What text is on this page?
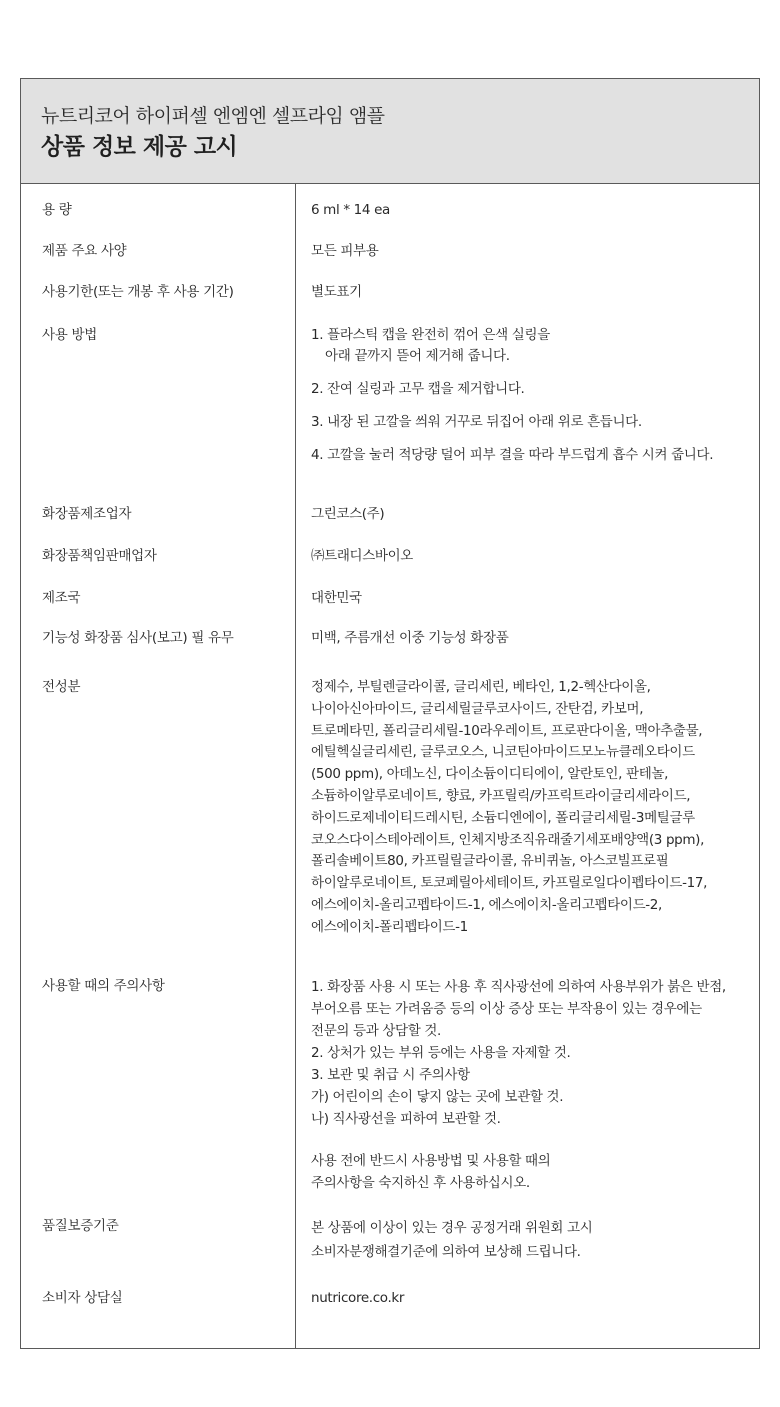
뉴트리코어 하이퍼셀 엔엠엔 셀프라임 앰플
상품 정보 제공 고시
용 량	6 ml * 14 ea
제품 주요 사양	모든 피부용
사용기한(또는 개봉 후 사용 기간)	별도표기
사용 방법	1. 플라스틱 캡을 완전히 꺾어 은색 실링을
아래 끝까지 뜯어 제거해 줍니다.
2. 잔여 실링과 고무 캡을 제거합니다.
3. 내장 된 고깔을 씌워 거꾸로 뒤집어 아래 위로 흔듭니다.
4. 고깔을 눌러 적당량 덜어 피부 결을 따라 부드럽게 흡수 시켜 줍니다.
화장품제조업자	그린코스(주)
화장품책임판매업자	㈜트래디스바이오
제조국	대한민국
기능성 화장품 심사(보고) 필 유무	미백, 주름개선 이중 기능성 화장품
전성분	정제수, 부틸렌글라이콜, 글리세린, 베타인, 1,2-헥산다이올,
나이아신아마이드, 글리세릴글루코사이드, 잔탄검, 카보머,
트로메타민, 폴리글리세릴-10라우레이트, 프로판다이올, 맥아추출물,
에틸헥실글리세린, 글루코오스, 니코틴아마이드모노뉴클레오타이드
(500 ppm), 아데노신, 다이소듐이디티에이, 알란토인, 판테놀,
소듐하이알루로네이트, 향료, 카프릴릭/카프릭트라이글리세라이드,
하이드로제네이티드레시틴, 소듐디엔에이, 폴리글리세릴-3메틸글루
코오스다이스테아레이트, 인체지방조직유래줄기세포배양액(3 ppm),
폴리솔베이트80, 카프릴릴글라이콜, 유비퀴놀, 아스코빌프로필
하이알루로네이트, 토코페릴아세테이트, 카프릴로일다이펩타이드-17,
에스에이치-올리고펩타이드-1, 에스에이치-올리고펩타이드-2,
에스에이치-폴리펩타이드-1
사용할 때의 주의사항	1. 화장품 사용 시 또는 사용 후 직사광선에 의하여 사용부위가 붉은 반점,
부어오름 또는 가려움증 등의 이상 증상 또는 부작용이 있는 경우에는
전문의 등과 상담할 것.
2. 상처가 있는 부위 등에는 사용을 자제할 것.
3. 보관 및 취급 시 주의사항
가) 어린이의 손이 닿지 않는 곳에 보관할 것.
나) 직사광선을 피하여 보관할 것.
사용 전에 반드시 사용방법 및 사용할 때의
주의사항을 숙지하신 후 사용하십시오.
품질보증기준	본 상품에 이상이 있는 경우 공정거래 위원회 고시
소비자분쟁해결기준에 의하여 보상해 드립니다.
소비자 상담실	nutricore.co.kr
